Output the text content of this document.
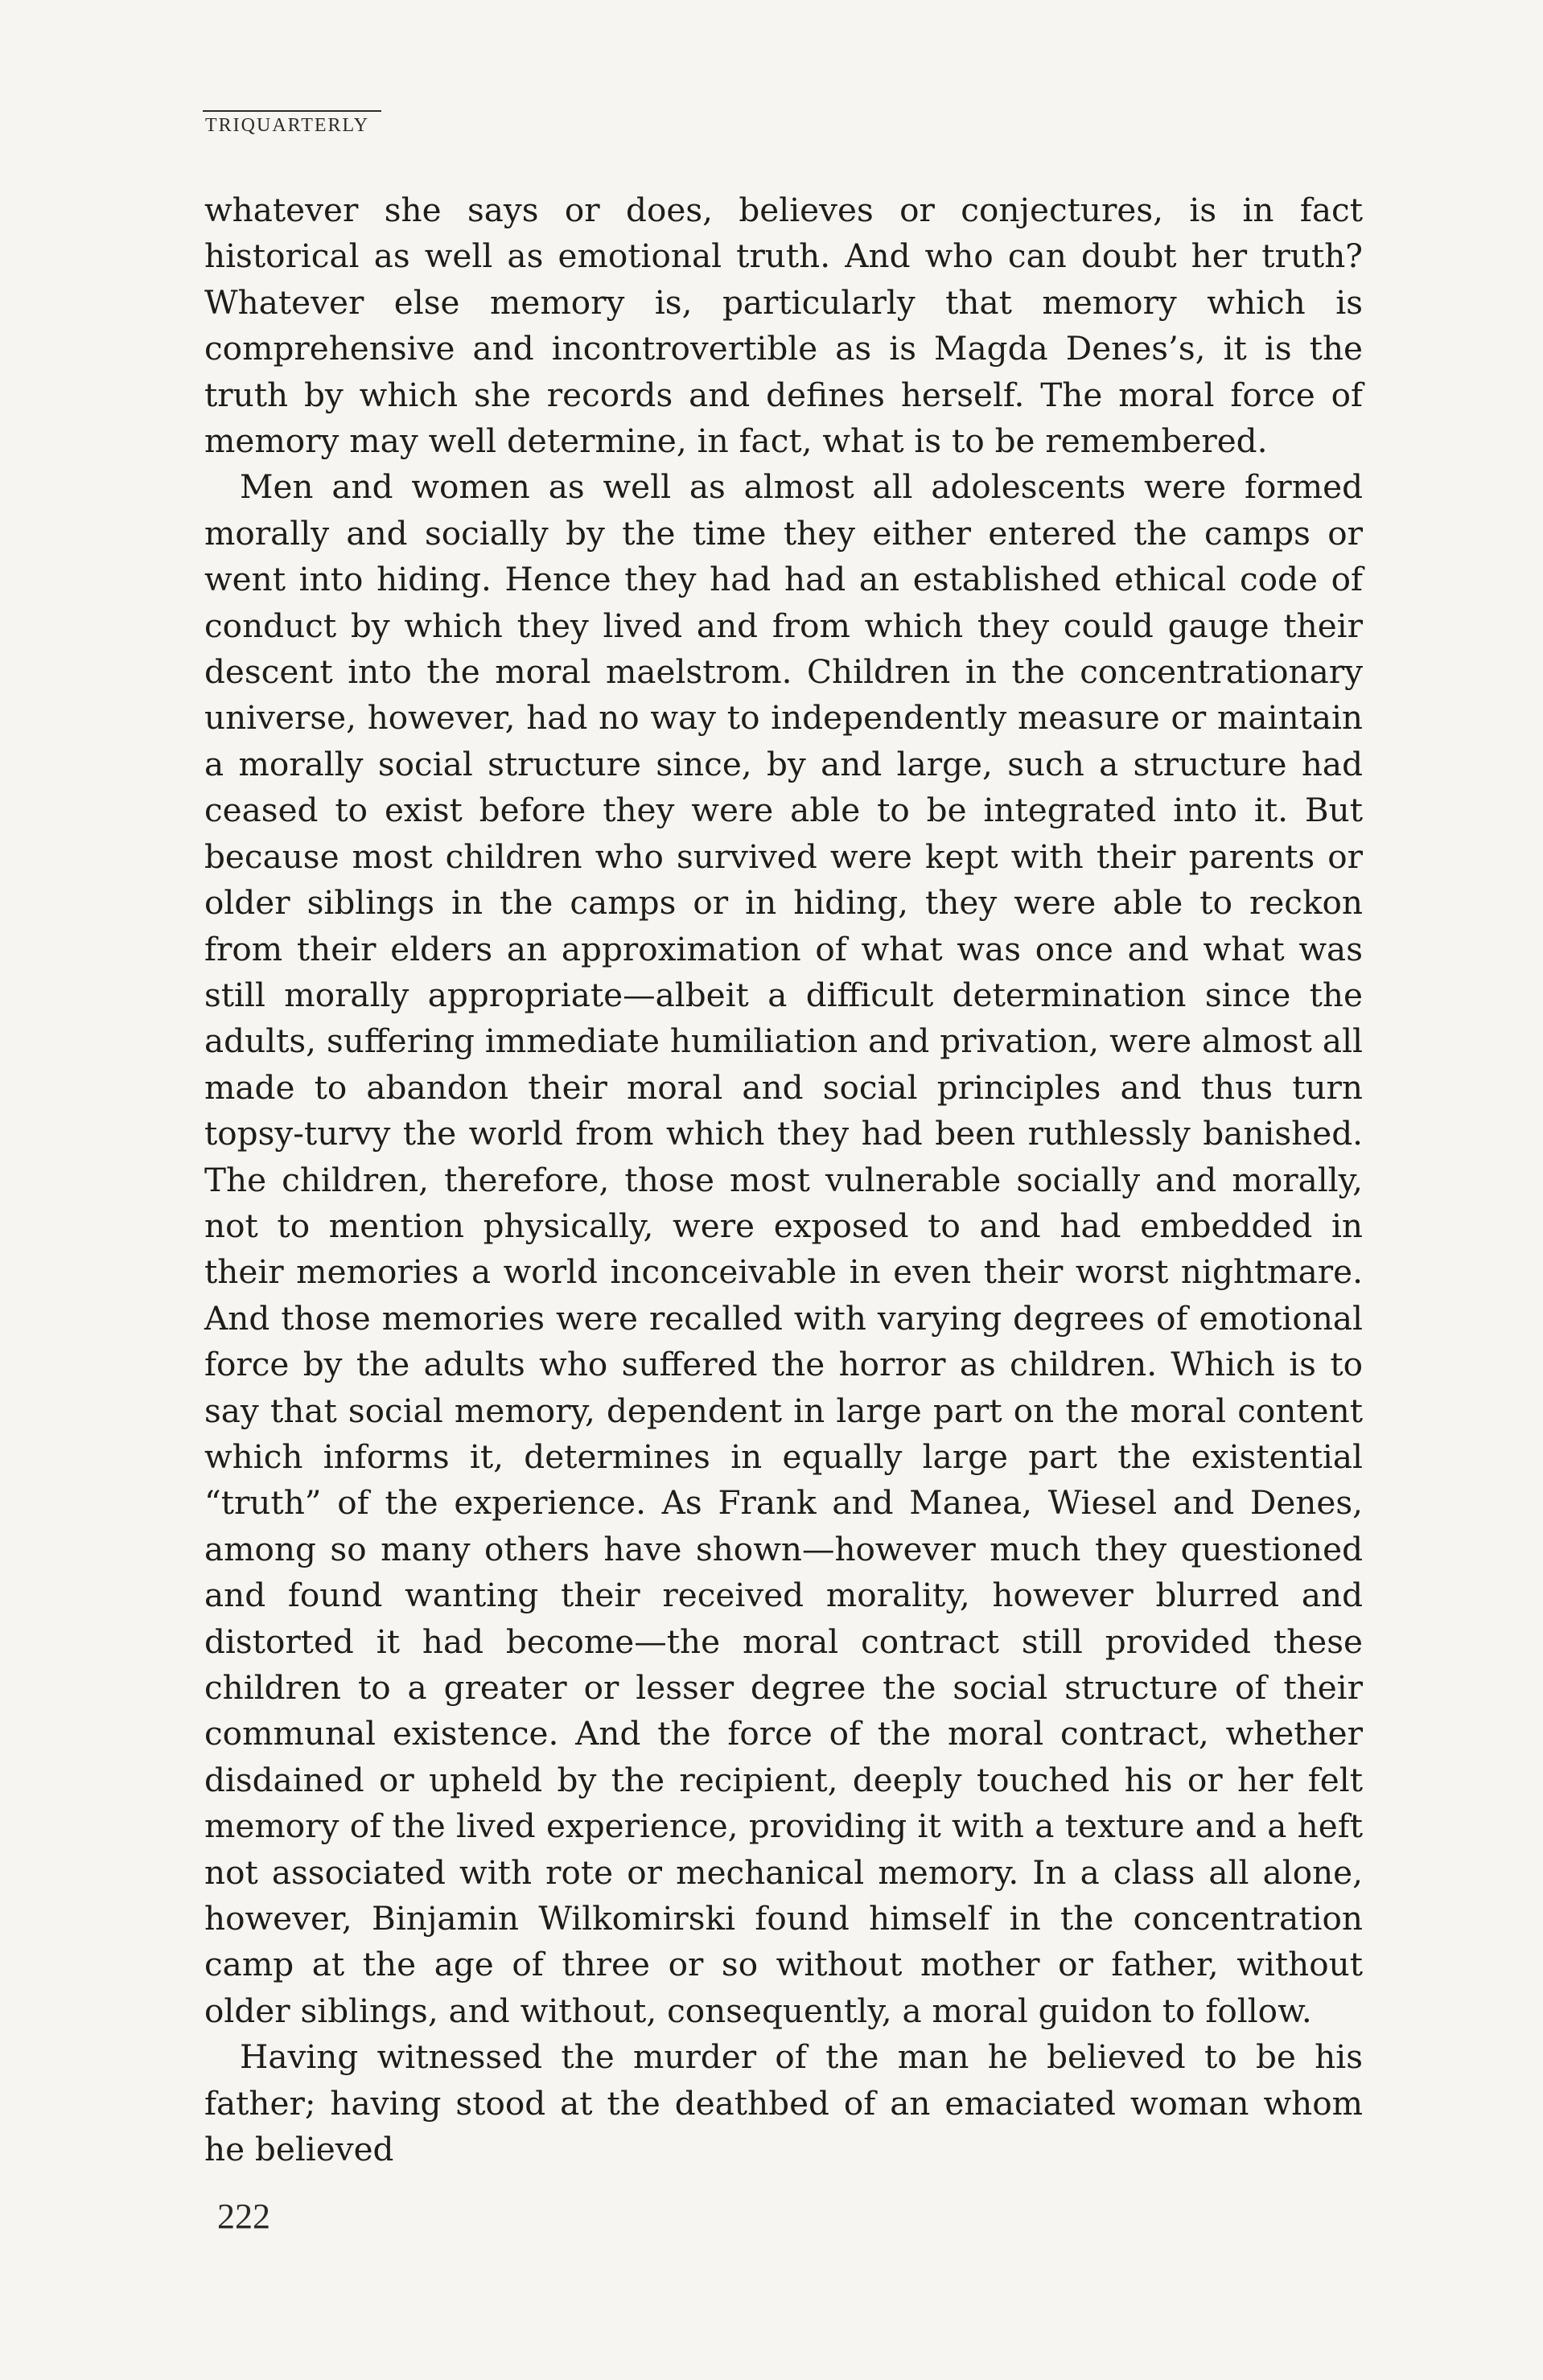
TRIQUARTERLY

whatever she says or does, believes or conjectures, is in fact historical as well as emotional truth. And who can doubt her truth? Whatever else memory is, particularly that memory which is comprehensive and incontrovertible as is Magda Denes’s, it is the truth by which she records and defines herself. The moral force of memory may well determine, in fact, what is to be remembered.

Men and women as well as almost all adolescents were formed morally and socially by the time they either entered the camps or went into hiding. Hence they had had an established ethical code of conduct by which they lived and from which they could gauge their descent into the moral maelstrom. Children in the concentrationary universe, however, had no way to independently measure or maintain a morally social structure since, by and large, such a structure had ceased to exist before they were able to be integrated into it. But because most children who survived were kept with their parents or older siblings in the camps or in hiding, they were able to reckon from their elders an approximation of what was once and what was still morally appropriate—albeit a difficult determination since the adults, suffering immediate humiliation and privation, were almost all made to abandon their moral and social principles and thus turn topsy-turvy the world from which they had been ruthlessly banished. The children, therefore, those most vulnerable socially and morally, not to mention physically, were exposed to and had embedded in their memories a world inconceivable in even their worst nightmare. And those memories were recalled with varying degrees of emotional force by the adults who suffered the horror as children. Which is to say that social memory, dependent in large part on the moral content which informs it, determines in equally large part the existential “truth” of the experience. As Frank and Manea, Wiesel and Denes, among so many others have shown—however much they questioned and found wanting their received morality, however blurred and distorted it had become—the moral contract still provided these children to a greater or lesser degree the social structure of their communal existence. And the force of the moral contract, whether disdained or upheld by the recipient, deeply touched his or her felt memory of the lived experience, providing it with a texture and a heft not associated with rote or mechanical memory. In a class all alone, however, Binjamin Wilkomirski found himself in the concentration camp at the age of three or so without mother or father, without older siblings, and without, consequently, a moral guidon to follow.

Having witnessed the murder of the man he believed to be his father; having stood at the deathbed of an emaciated woman whom he believed

222
